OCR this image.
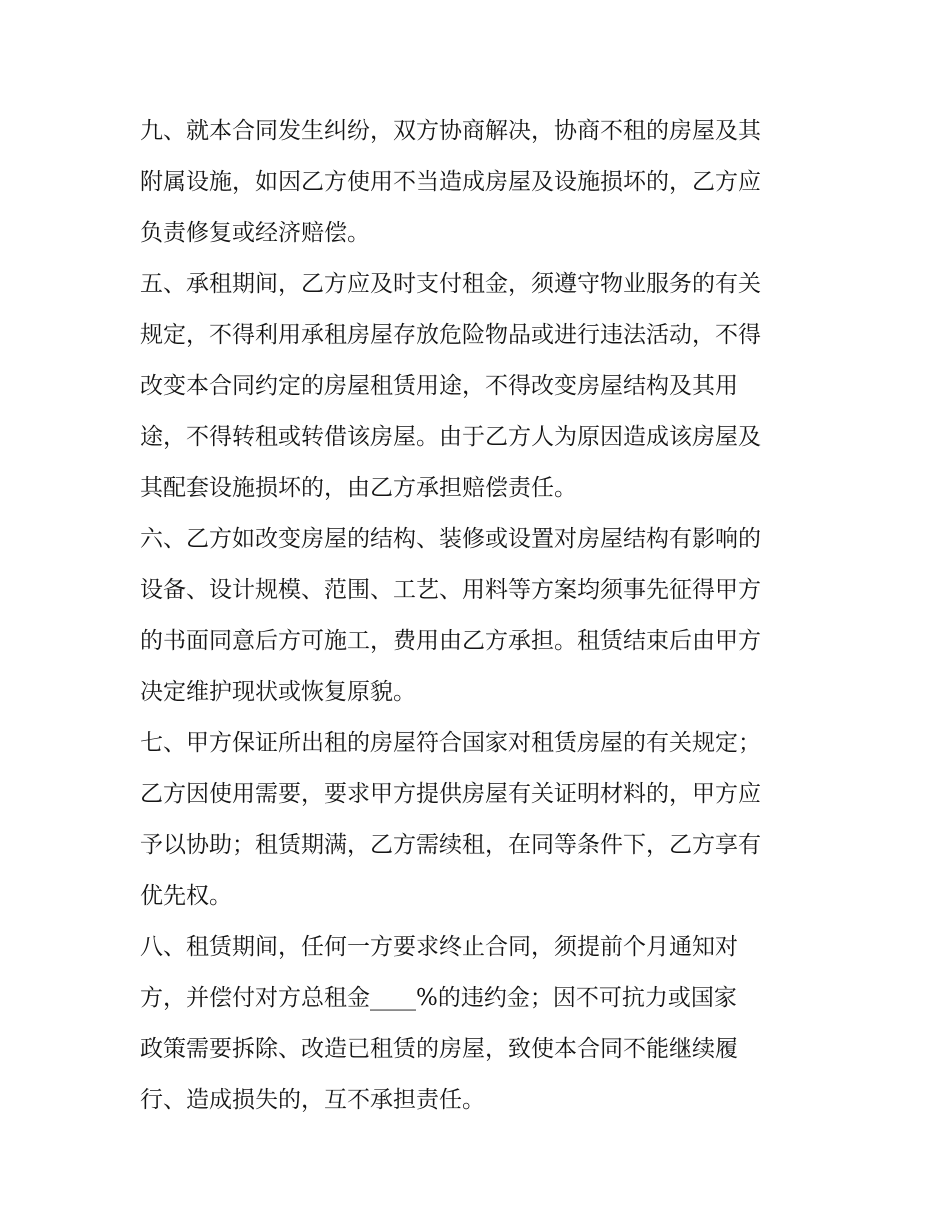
九、就本合同发生纠纷，双方协商解决，协商不租的房屋及其
附属设施，如因乙方使用不当造成房屋及设施损坏的，乙方应
负责修复或经济赔偿。
五、承租期间，乙方应及时支付租金，须遵守物业服务的有关
规定，不得利用承租房屋存放危险物品或进行违法活动，不得
改变本合同约定的房屋租赁用途，不得改变房屋结构及其用
途，不得转租或转借该房屋。由于乙方人为原因造成该房屋及
其配套设施损坏的，由乙方承担赔偿责任。
六、乙方如改变房屋的结构、装修或设置对房屋结构有影响的
设备、设计规模、范围、工艺、用料等方案均须事先征得甲方
的书面同意后方可施工，费用由乙方承担。租赁结束后由甲方
决定维护现状或恢复原貌。
七、甲方保证所出租的房屋符合国家对租赁房屋的有关规定；
乙方因使用需要，要求甲方提供房屋有关证明材料的，甲方应
予以协助；租赁期满，乙方需续租，在同等条件下，乙方享有
优先权。
八、租赁期间，任何一方要求终止合同，须提前个月通知对
方，并偿付对方总租金____%的违约金；因不可抗力或国家
政策需要拆除、改造已租赁的房屋，致使本合同不能继续履
行、造成损失的，互不承担责任。
